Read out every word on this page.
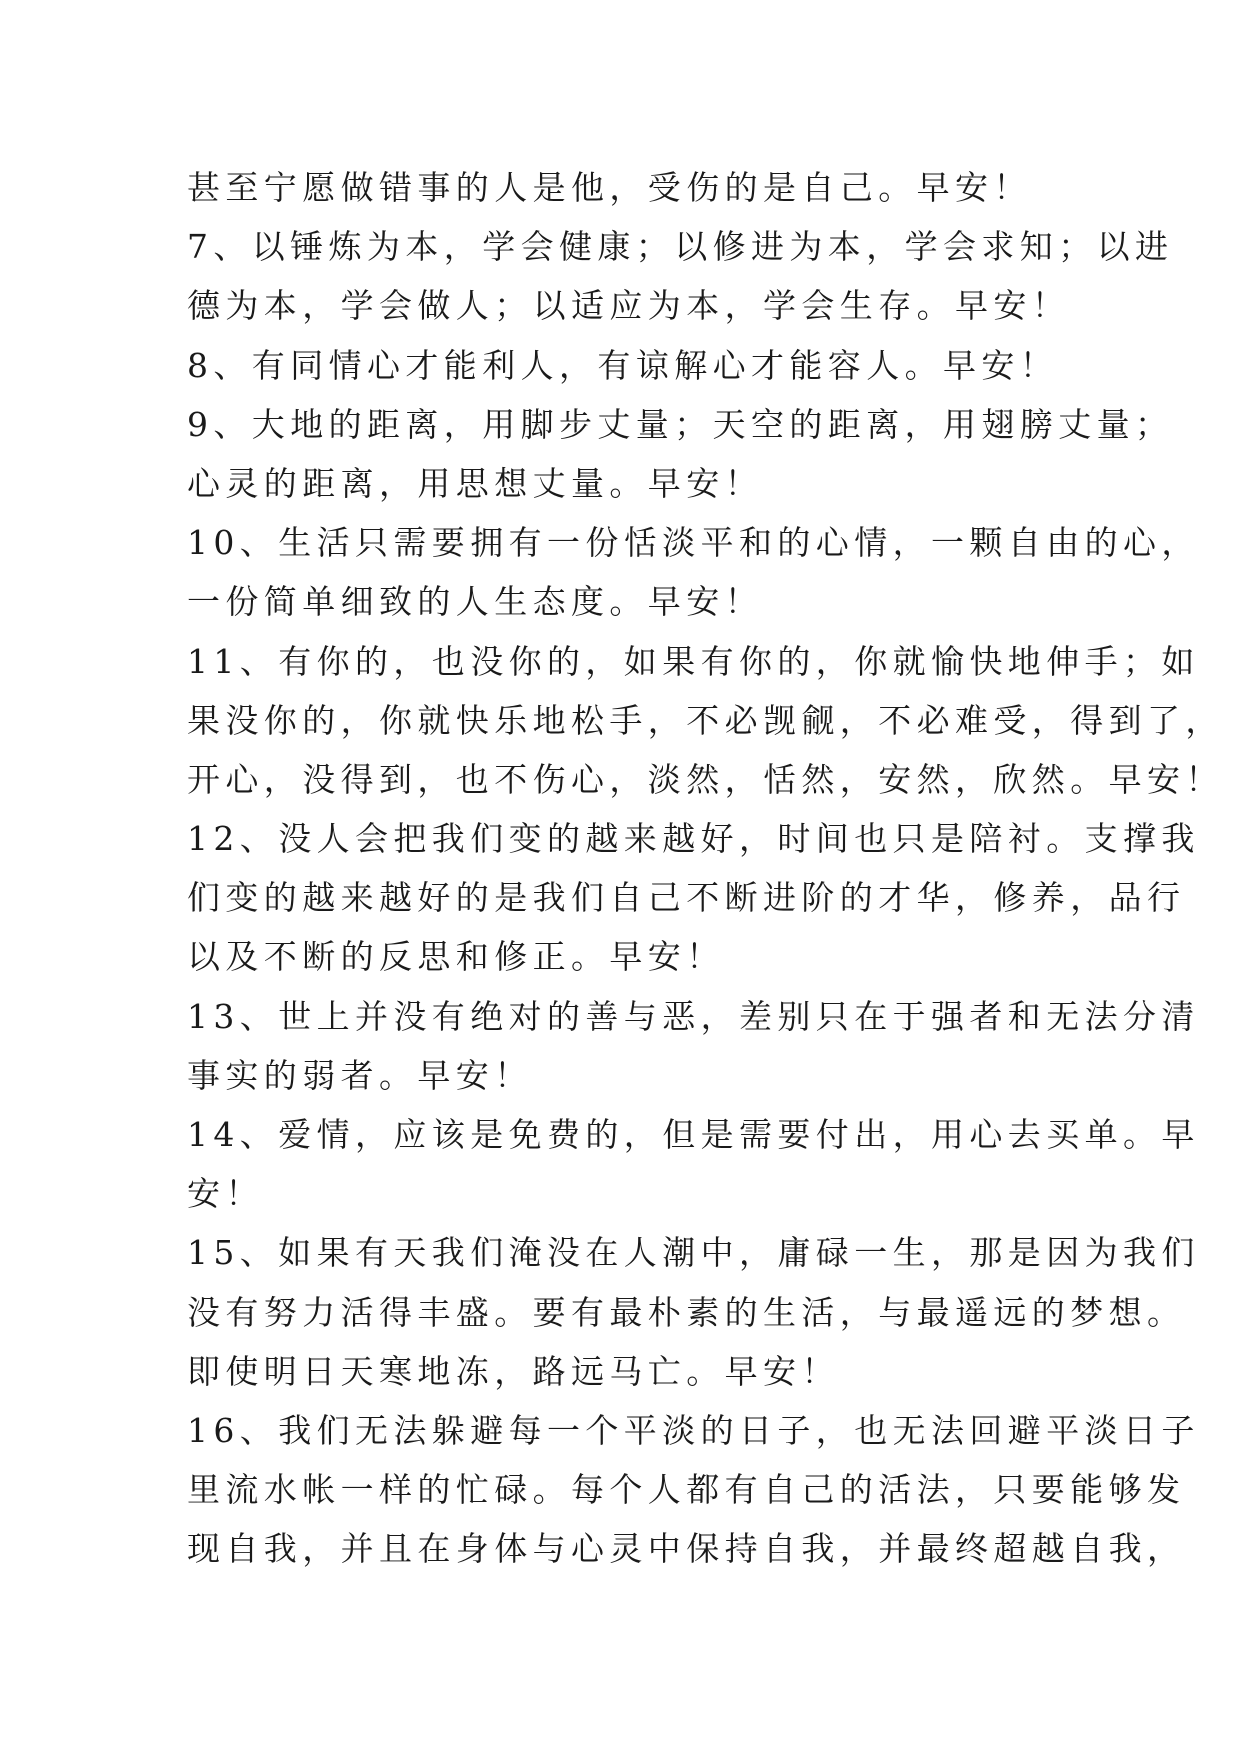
甚至宁愿做错事的人是他，受伤的是自己。早安！
7、以锤炼为本，学会健康；以修进为本，学会求知；以进
德为本，学会做人；以适应为本，学会生存。早安！
8、有同情心才能利人，有谅解心才能容人。早安！
9、大地的距离，用脚步丈量；天空的距离，用翅膀丈量；
心灵的距离，用思想丈量。早安！
10、生活只需要拥有一份恬淡平和的心情，一颗自由的心，
一份简单细致的人生态度。早安！
11、有你的，也没你的，如果有你的，你就愉快地伸手；如
果没你的，你就快乐地松手，不必觊觎，不必难受，得到了，
开心，没得到，也不伤心，淡然，恬然，安然，欣然。早安！
12、没人会把我们变的越来越好，时间也只是陪衬。支撑我
们变的越来越好的是我们自己不断进阶的才华，修养，品行
以及不断的反思和修正。早安！
13、世上并没有绝对的善与恶，差别只在于强者和无法分清
事实的弱者。早安！
14、爱情，应该是免费的，但是需要付出，用心去买单。早
安！
15、如果有天我们淹没在人潮中，庸碌一生，那是因为我们
没有努力活得丰盛。要有最朴素的生活，与最遥远的梦想。
即使明日天寒地冻，路远马亡。早安！
16、我们无法躲避每一个平淡的日子，也无法回避平淡日子
里流水帐一样的忙碌。每个人都有自己的活法，只要能够发
现自我，并且在身体与心灵中保持自我，并最终超越自我，
